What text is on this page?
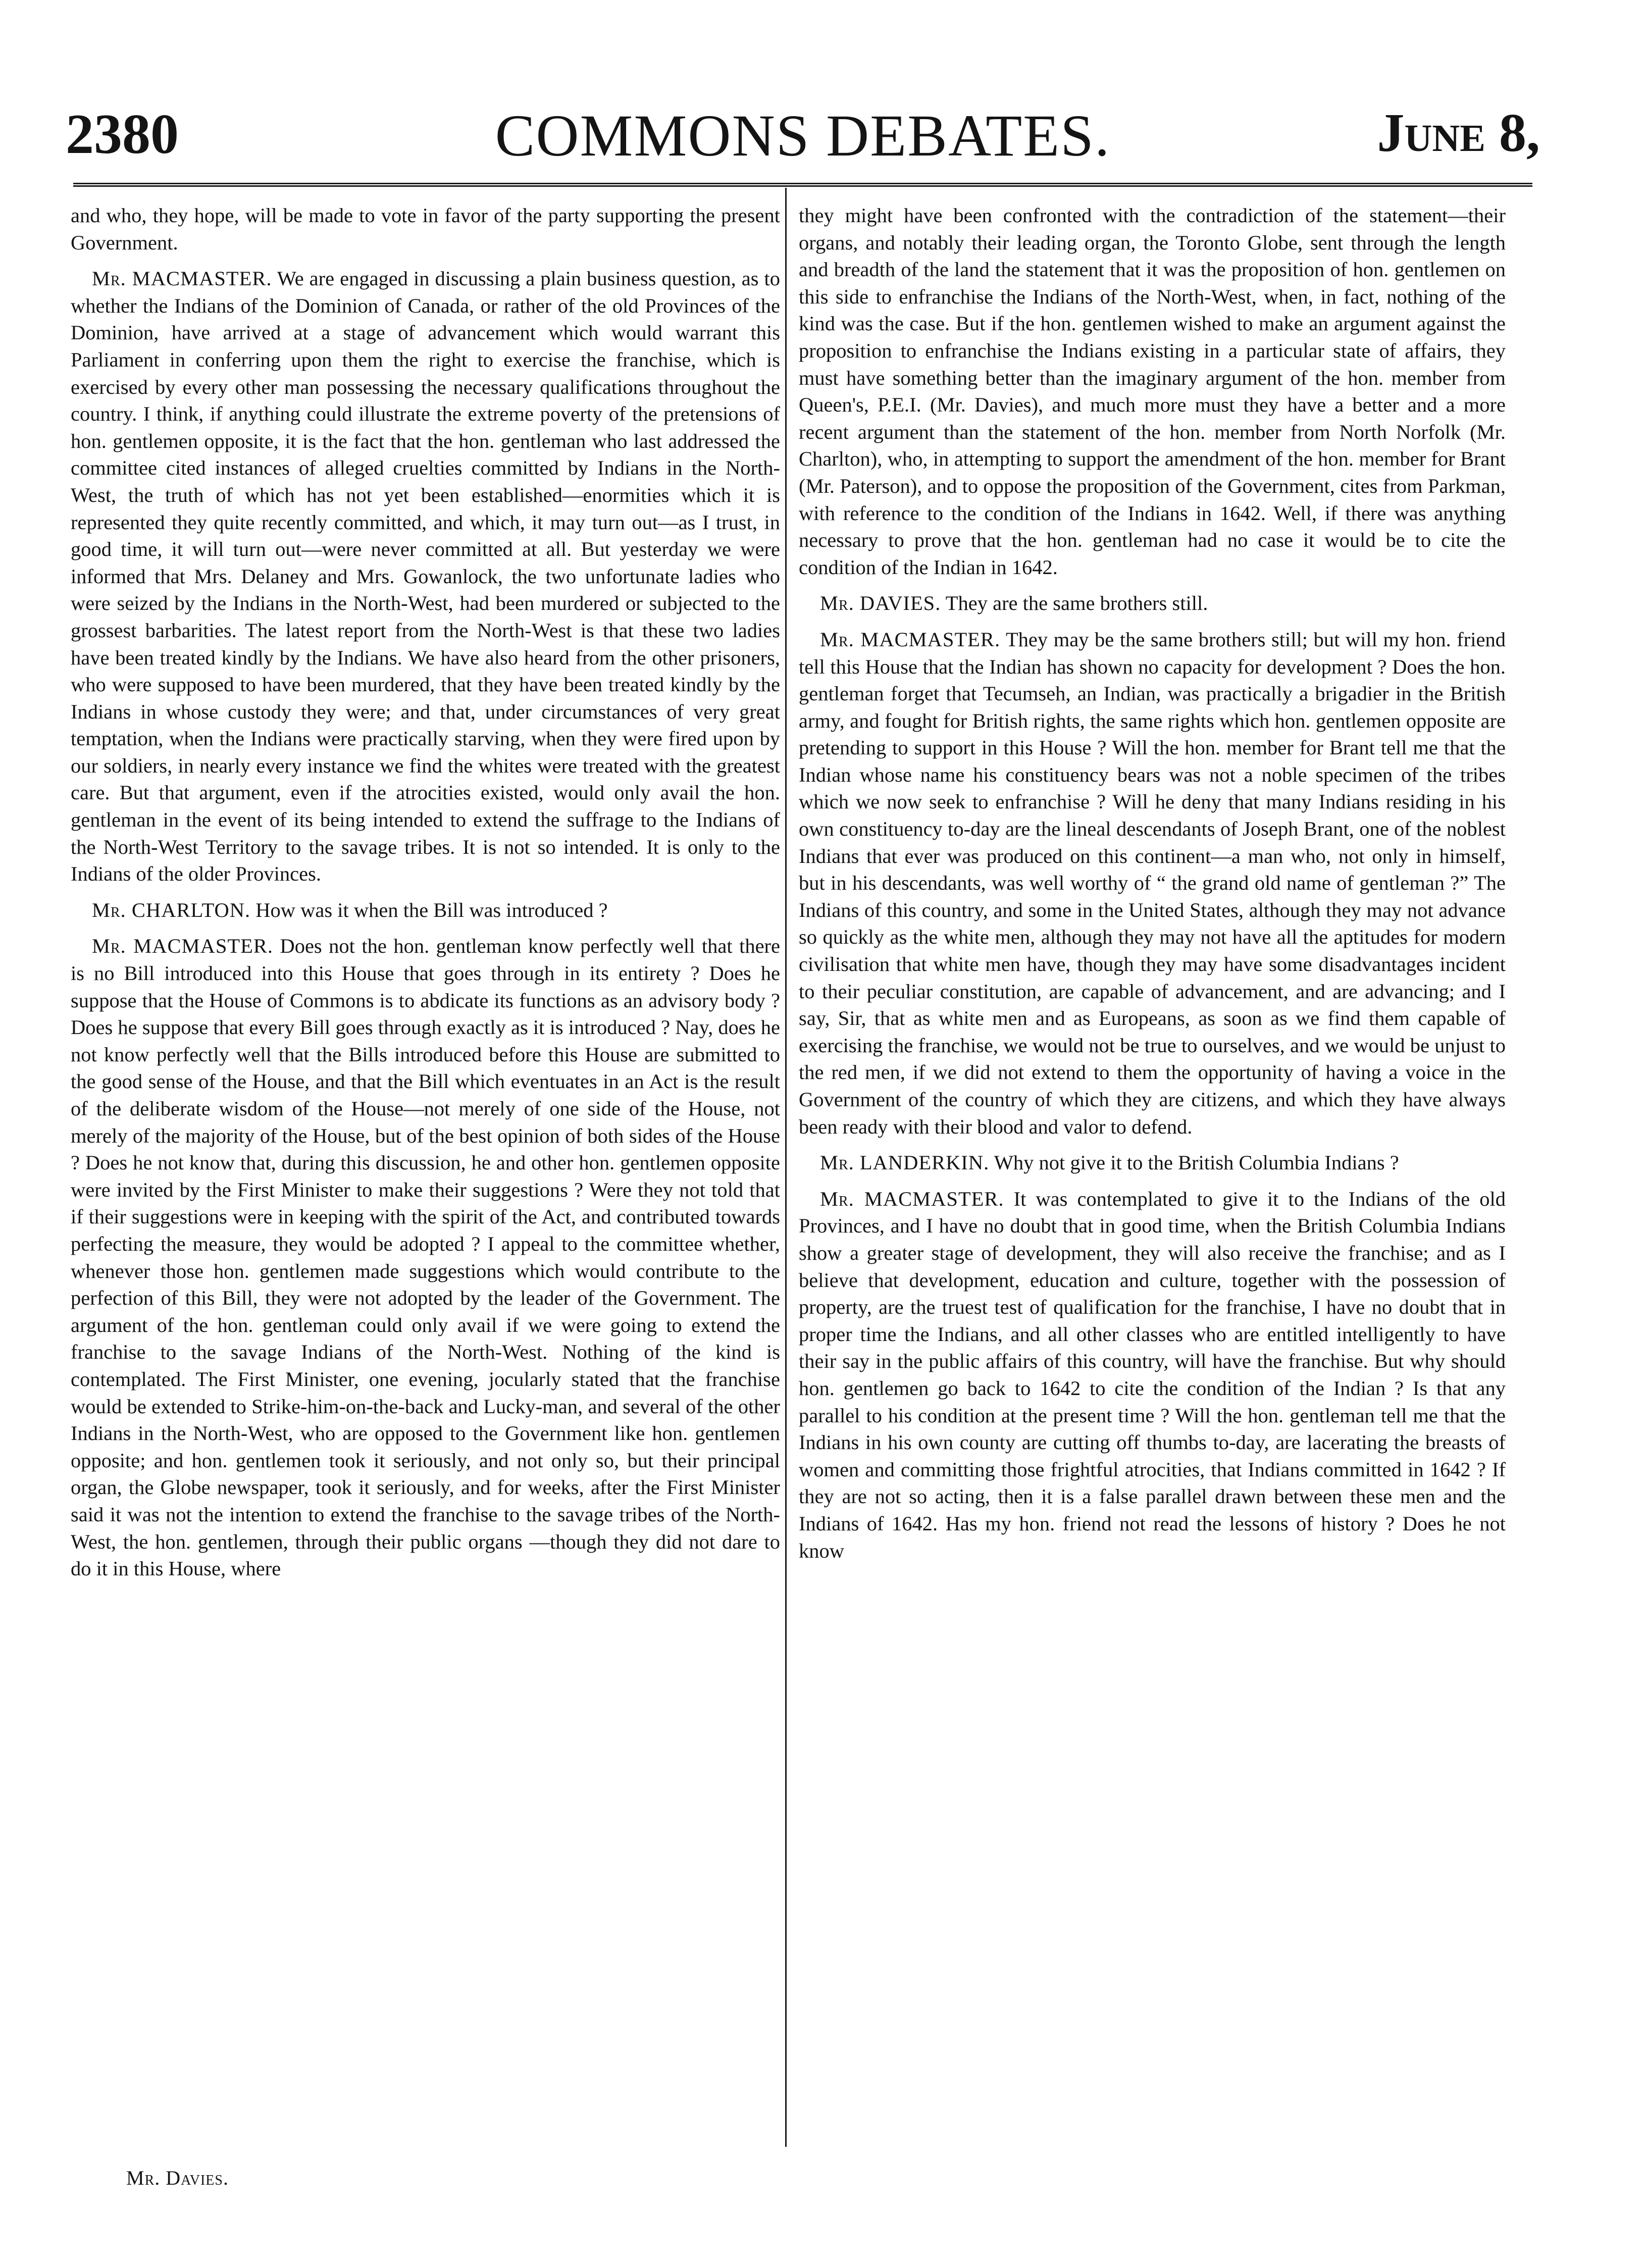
2380	COMMONS DEBATES.	June 8,

and who, they hope, will be made to vote in favor of the party supporting the present Government.

Mr. MACMASTER. We are engaged in discussing a plain business question, as to whether the Indians of the Dominion of Canada, or rather of the old Provinces of the Dominion, have arrived at a stage of advancement which would warrant this Parliament in conferring upon them the right to exercise the franchise, which is exercised by every other man possessing the necessary qualifications throughout the country. I think, if anything could illustrate the extreme poverty of the pretensions of hon. gentlemen opposite, it is the fact that the hon. gentleman who last addressed the committee cited instances of alleged cruelties committed by Indians in the North-West, the truth of which has not yet been established—enormities which it is represented they quite recently committed, and which, it may turn out—as I trust, in good time, it will turn out—were never committed at all. But yesterday we were informed that Mrs. Delaney and Mrs. Gowanlock, the two unfortunate ladies who were seized by the Indians in the North-West, had been murdered or subjected to the grossest barbarities. The latest report from the North-West is that these two ladies have been treated kindly by the Indians. We have also heard from the other prisoners, who were supposed to have been murdered, that they have been treated kindly by the Indians in whose custody they were; and that, under circumstances of very great temptation, when the Indians were practically starving, when they were fired upon by our soldiers, in nearly every instance we find the whites were treated with the greatest care. But that argument, even if the atrocities existed, would only avail the hon. gentleman in the event of its being intended to extend the suffrage to the Indians of the North-West Territory to the savage tribes. It is not so intended. It is only to the Indians of the older Provinces.

Mr. CHARLTON. How was it when the Bill was introduced ?

Mr. MACMASTER. Does not the hon. gentleman know perfectly well that there is no Bill introduced into this House that goes through in its entirety ? Does he suppose that the House of Commons is to abdicate its functions as an advisory body ? Does he suppose that every Bill goes through exactly as it is introduced ? Nay, does he not know perfectly well that the Bills introduced before this House are submitted to the good sense of the House, and that the Bill which eventuates in an Act is the result of the deliberate wisdom of the House—not merely of one side of the House, not merely of the majority of the House, but of the best opinion of both sides of the House ? Does he not know that, during this discussion, he and other hon. gentlemen opposite were invited by the First Minister to make their suggestions ? Were they not told that if their suggestions were in keeping with the spirit of the Act, and contributed towards perfecting the measure, they would be adopted ? I appeal to the committee whether, whenever those hon. gentlemen made suggestions which would contribute to the perfection of this Bill, they were not adopted by the leader of the Government. The argument of the hon. gentleman could only avail if we were going to extend the franchise to the savage Indians of the North-West. Nothing of the kind is contemplated. The First Minister, one evening, jocularly stated that the franchise would be extended to Strike-him-on-the-back and Lucky-man, and several of the other Indians in the North-West, who are opposed to the Government like hon. gentlemen opposite; and hon. gentlemen took it seriously, and not only so, but their principal organ, the Globe newspaper, took it seriously, and for weeks, after the First Minister said it was not the intention to extend the franchise to the savage tribes of the North-West, the hon. gentlemen, through their public organs —though they did not dare to do it in this House, where

they might have been confronted with the contradiction of the statement—their organs, and notably their leading organ, the Toronto Globe, sent through the length and breadth of the land the statement that it was the proposition of hon. gentlemen on this side to enfranchise the Indians of the North-West, when, in fact, nothing of the kind was the case. But if the hon. gentlemen wished to make an argument against the proposition to enfranchise the Indians existing in a particular state of affairs, they must have something better than the imaginary argument of the hon. member from Queen's, P.E.I. (Mr. Davies), and much more must they have a better and a more recent argument than the statement of the hon. member from North Norfolk (Mr. Charlton), who, in attempting to support the amendment of the hon. member for Brant (Mr. Paterson), and to oppose the proposition of the Government, cites from Parkman, with reference to the condition of the Indians in 1642. Well, if there was anything necessary to prove that the hon. gentleman had no case it would be to cite the condition of the Indian in 1642.

Mr. DAVIES. They are the same brothers still.

Mr. MACMASTER. They may be the same brothers still; but will my hon. friend tell this House that the Indian has shown no capacity for development ? Does the hon. gentleman forget that Tecumseh, an Indian, was practically a brigadier in the British army, and fought for British rights, the same rights which hon. gentlemen opposite are pretending to support in this House ? Will the hon. member for Brant tell me that the Indian whose name his constituency bears was not a noble specimen of the tribes which we now seek to enfranchise ? Will he deny that many Indians residing in his own constituency to-day are the lineal descendants of Joseph Brant, one of the noblest Indians that ever was produced on this continent—a man who, not only in himself, but in his descendants, was well worthy of “ the grand old name of gentleman ?” The Indians of this country, and some in the United States, although they may not advance so quickly as the white men, although they may not have all the aptitudes for modern civilisation that white men have, though they may have some disadvantages incident to their peculiar constitution, are capable of advancement, and are advancing; and I say, Sir, that as white men and as Europeans, as soon as we find them capable of exercising the franchise, we would not be true to ourselves, and we would be unjust to the red men, if we did not extend to them the opportunity of having a voice in the Government of the country of which they are citizens, and which they have always been ready with their blood and valor to defend.

Mr. LANDERKIN. Why not give it to the British Columbia Indians ?

Mr. MACMASTER. It was contemplated to give it to the Indians of the old Provinces, and I have no doubt that in good time, when the British Columbia Indians show a greater stage of development, they will also receive the franchise; and as I believe that development, education and culture, together with the possession of property, are the truest test of qualification for the franchise, I have no doubt that in proper time the Indians, and all other classes who are entitled intelligently to have their say in the public affairs of this country, will have the franchise. But why should hon. gentlemen go back to 1642 to cite the condition of the Indian ? Is that any parallel to his condition at the present time ? Will the hon. gentleman tell me that the Indians in his own county are cutting off thumbs to-day, are lacerating the breasts of women and committing those frightful atrocities, that Indians committed in 1642 ? If they are not so acting, then it is a false parallel drawn between these men and the Indians of 1642. Has my hon. friend not read the lessons of history ? Does he not know

Mr. Davies.
